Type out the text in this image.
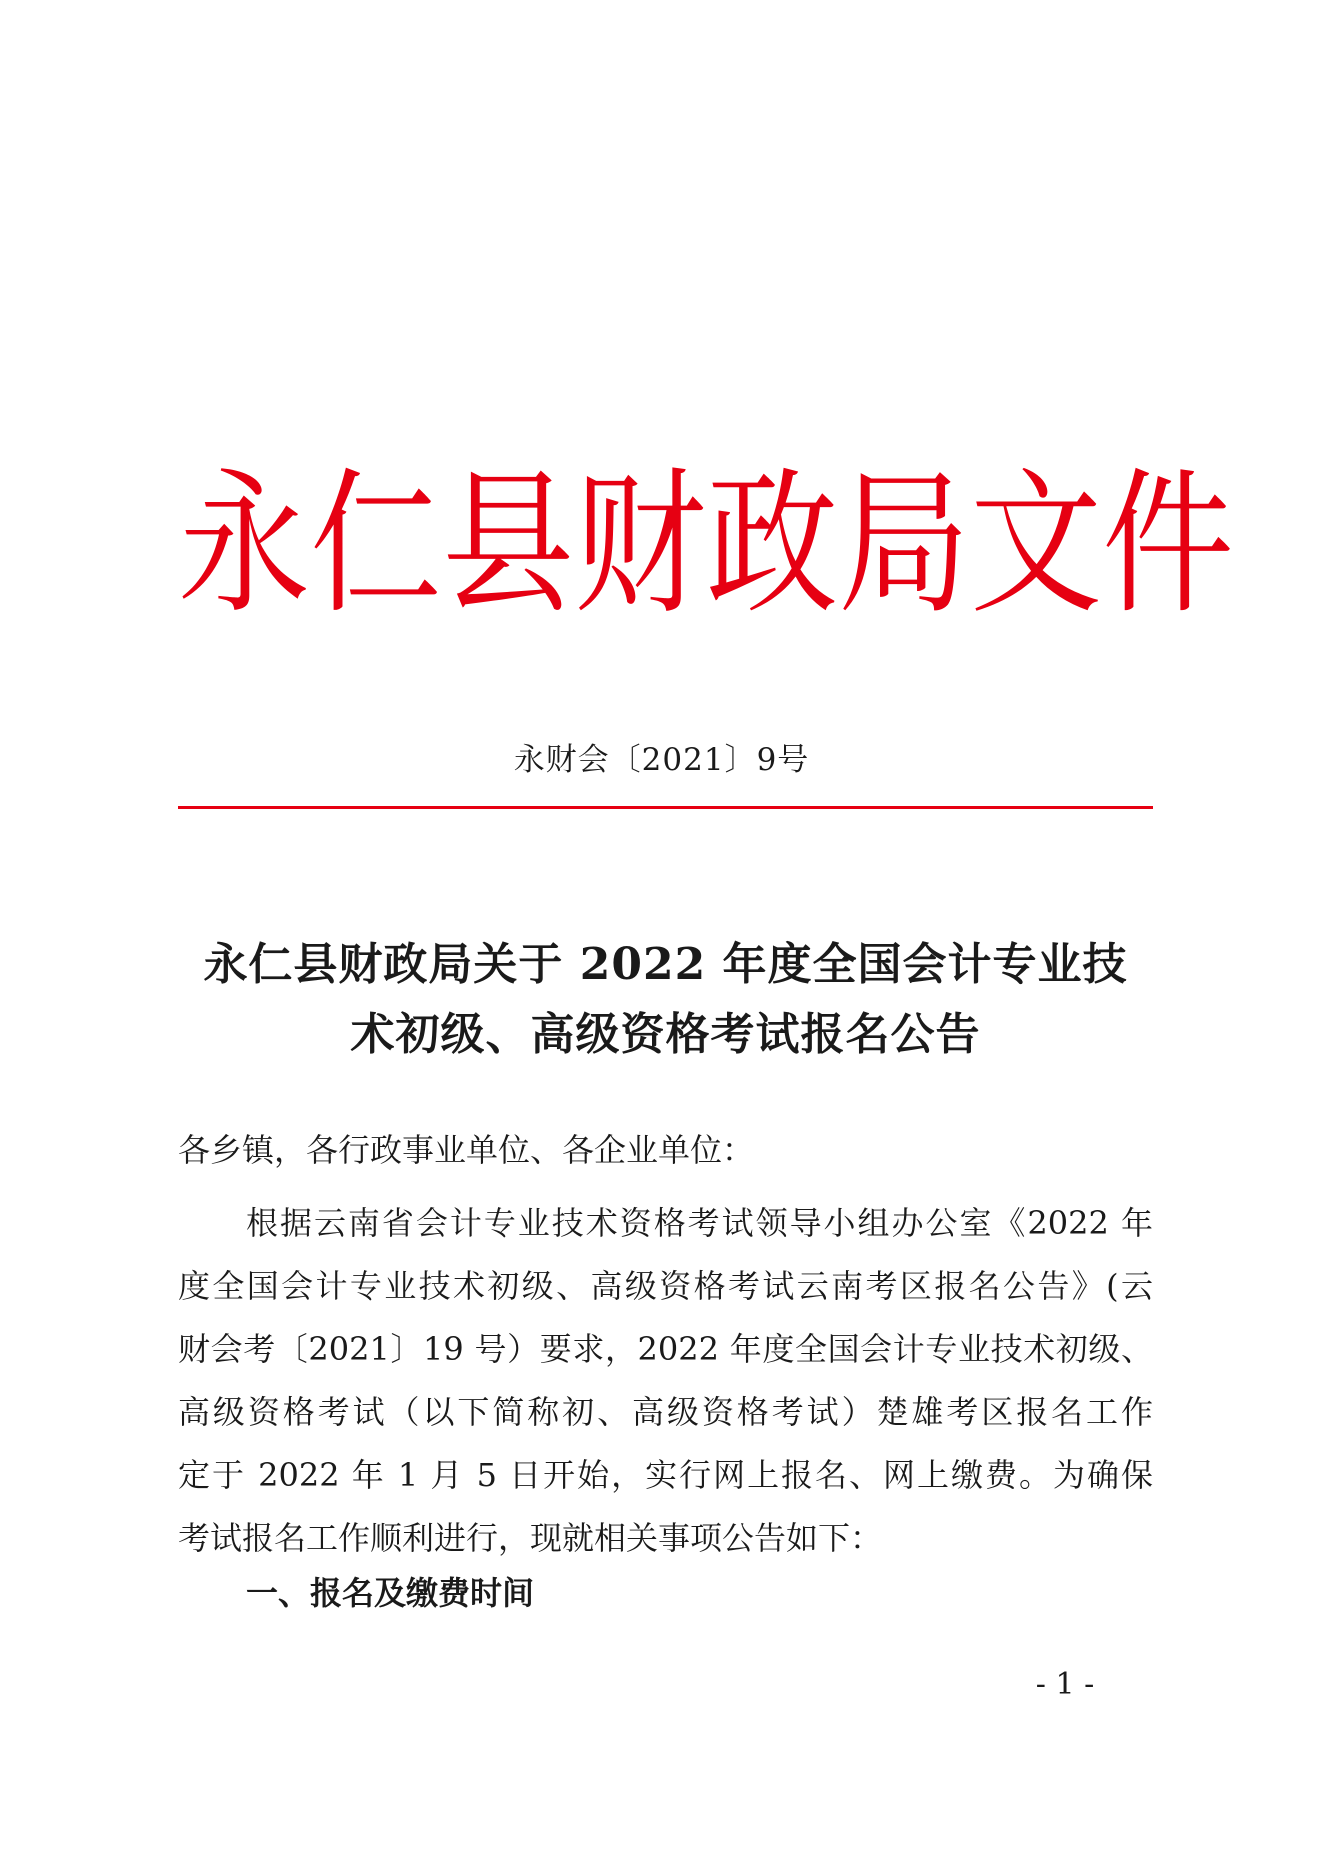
永 仁 县 财 政 局 文 件
永财会〔2021〕9号
永仁县财政局关于 2022 年度全国会计专业技
术初级、高级资格考试报名公告
各乡镇，各行政事业单位、各企业单位：
根据云南省会计专业技术资格考试领导小组办公室《2022 年
度全国会计专业技术初级、高级资格考试云南考区报名公告》(云
财会考〔2021〕19 号）要求，2022 年度全国会计专业技术初级、
高级资格考试（以下简称初、高级资格考试）楚雄考区报名工作
定于 2022 年 1 月 5 日开始，实行网上报名、网上缴费。为确保
考试报名工作顺利进行，现就相关事项公告如下：
一、报名及缴费时间
- 1 -
